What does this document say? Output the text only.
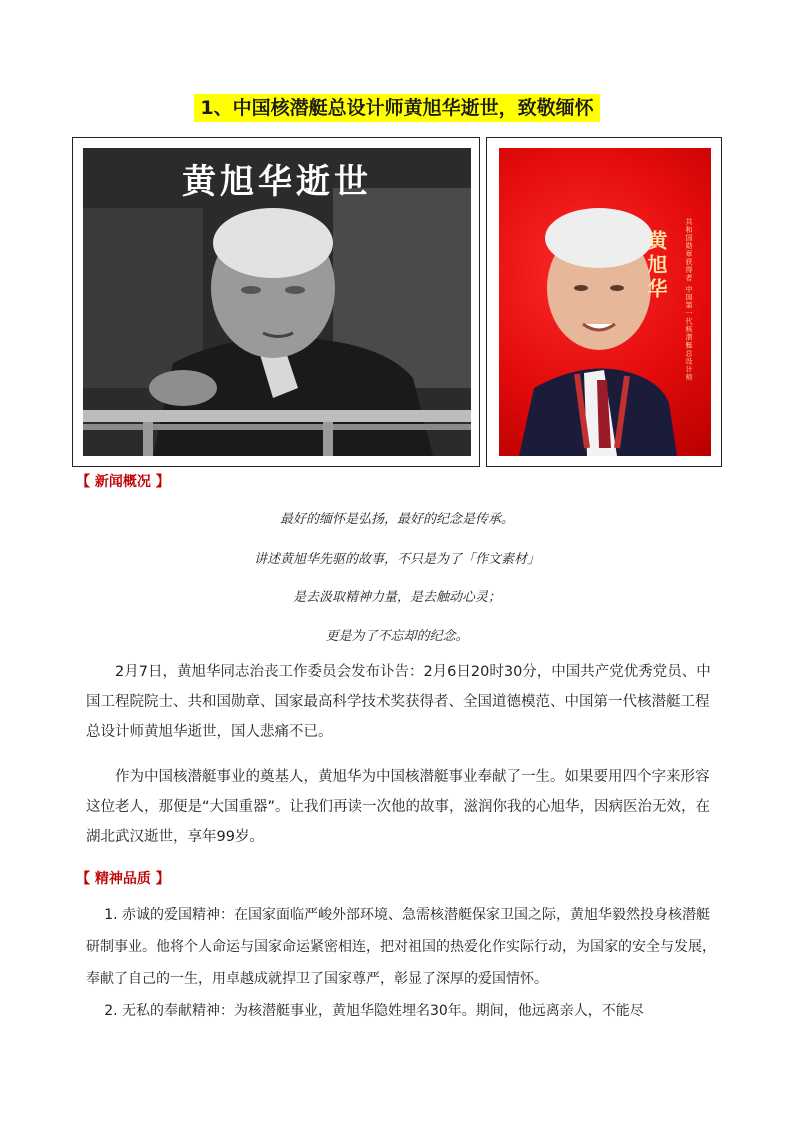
1、中国核潜艇总设计师黄旭华逝世，致敬缅怀
黄旭华逝世
黄旭华	共和国勋章获得者 中国第一代核潜艇总设计师
【 新闻概况 】
最好的缅怀是弘扬，最好的纪念是传承。
讲述黄旭华先驱的故事，不只是为了「作文素材」
是去汲取精神力量，是去触动心灵；
更是为了不忘却的纪念。

2月7日，黄旭华同志治丧工作委员会发布讣告：2月6日20时30分，中国共产党优秀党员、中国工程院院士、共和国勋章、国家最高科学技术奖获得者、全国道德模范、中国第一代核潜艇工程总设计师黄旭华逝世，国人悲痛不已。

作为中国核潜艇事业的奠基人，黄旭华为中国核潜艇事业奉献了一生。如果要用四个字来形容这位老人，那便是“大国重器”。让我们再读一次他的故事，滋润你我的心旭华，因病医治无效，在湖北武汉逝世，享年99岁。

【 精神品质 】

1. 赤诚的爱国精神：在国家面临严峻外部环境、急需核潜艇保家卫国之际，黄旭华毅然投身核潜艇研制事业。他将个人命运与国家命运紧密相连，把对祖国的热爱化作实际行动，为国家的安全与发展，奉献了自己的一生，用卓越成就捍卫了国家尊严，彰显了深厚的爱国情怀。

2. 无私的奉献精神：为核潜艇事业，黄旭华隐姓埋名30年。期间，他远离亲人，不能尽
